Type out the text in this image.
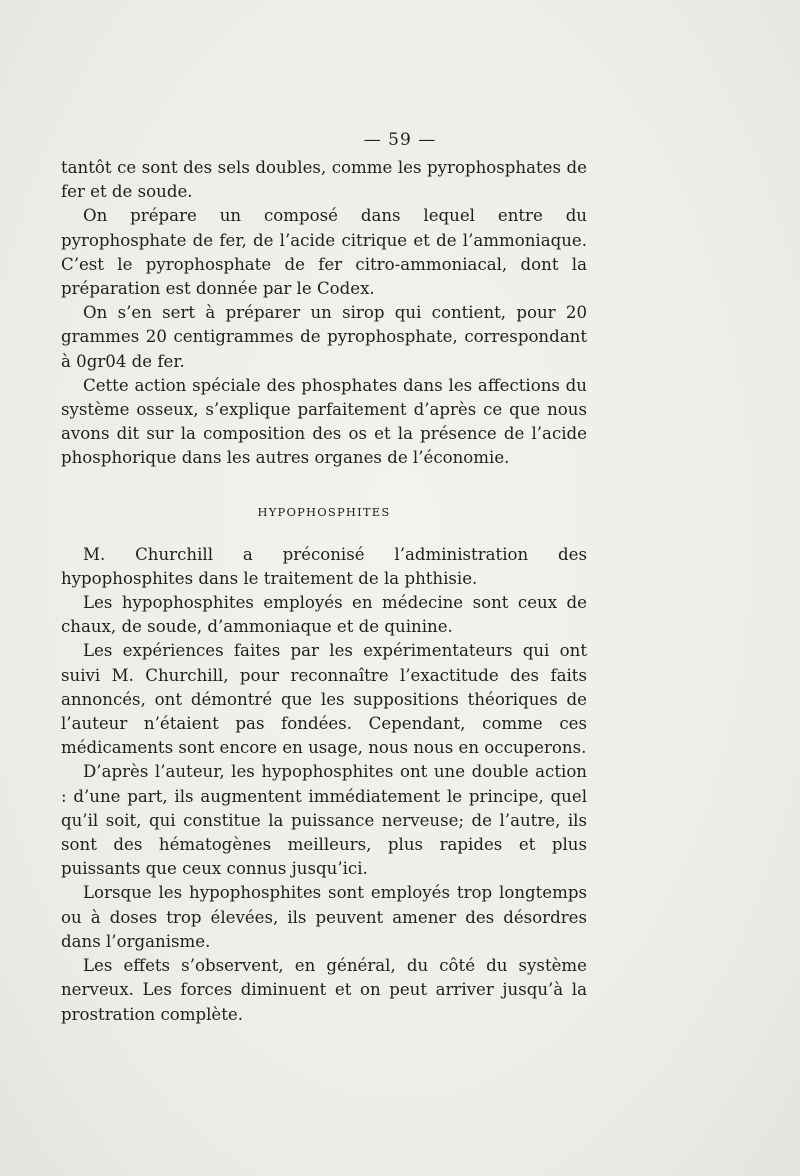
— 59 —

tantôt ce sont des sels doubles, comme les pyrophosphates de fer et de soude.

On prépare un composé dans lequel entre du pyrophosphate de fer, de l’acide citrique et de l’ammoniaque. C’est le pyrophosphate de fer citro-ammoniacal, dont la préparation est donnée par le Codex.

On s’en sert à préparer un sirop qui contient, pour 20 grammes 20 centigrammes de pyrophosphate, correspondant à 0gr04 de fer.

Cette action spéciale des phosphates dans les affections du système osseux, s’explique parfaitement d’après ce que nous avons dit sur la composition des os et la présence de l’acide phosphorique dans les autres organes de l’économie.

HYPOPHOSPHITES

M. Churchill a préconisé l’administration des hypophosphites dans le traitement de la phthisie.

Les hypophosphites employés en médecine sont ceux de chaux, de soude, d’ammoniaque et de quinine.

Les expériences faites par les expérimentateurs qui ont suivi M. Churchill, pour reconnaître l’exactitude des faits annoncés, ont démontré que les suppositions théoriques de l’auteur n’étaient pas fondées. Cependant, comme ces médicaments sont encore en usage, nous nous en occuperons.

D’après l’auteur, les hypophosphites ont une double action : d’une part, ils augmentent immédiatement le principe, quel qu’il soit, qui constitue la puissance nerveuse; de l’autre, ils sont des hématogènes meilleurs, plus rapides et plus puissants que ceux connus jusqu’ici.

Lorsque les hypophosphites sont employés trop longtemps ou à doses trop élevées, ils peuvent amener des désordres dans l’organisme.

Les effets s’observent, en général, du côté du système nerveux. Les forces diminuent et on peut arriver jusqu’à la prostration complète.
